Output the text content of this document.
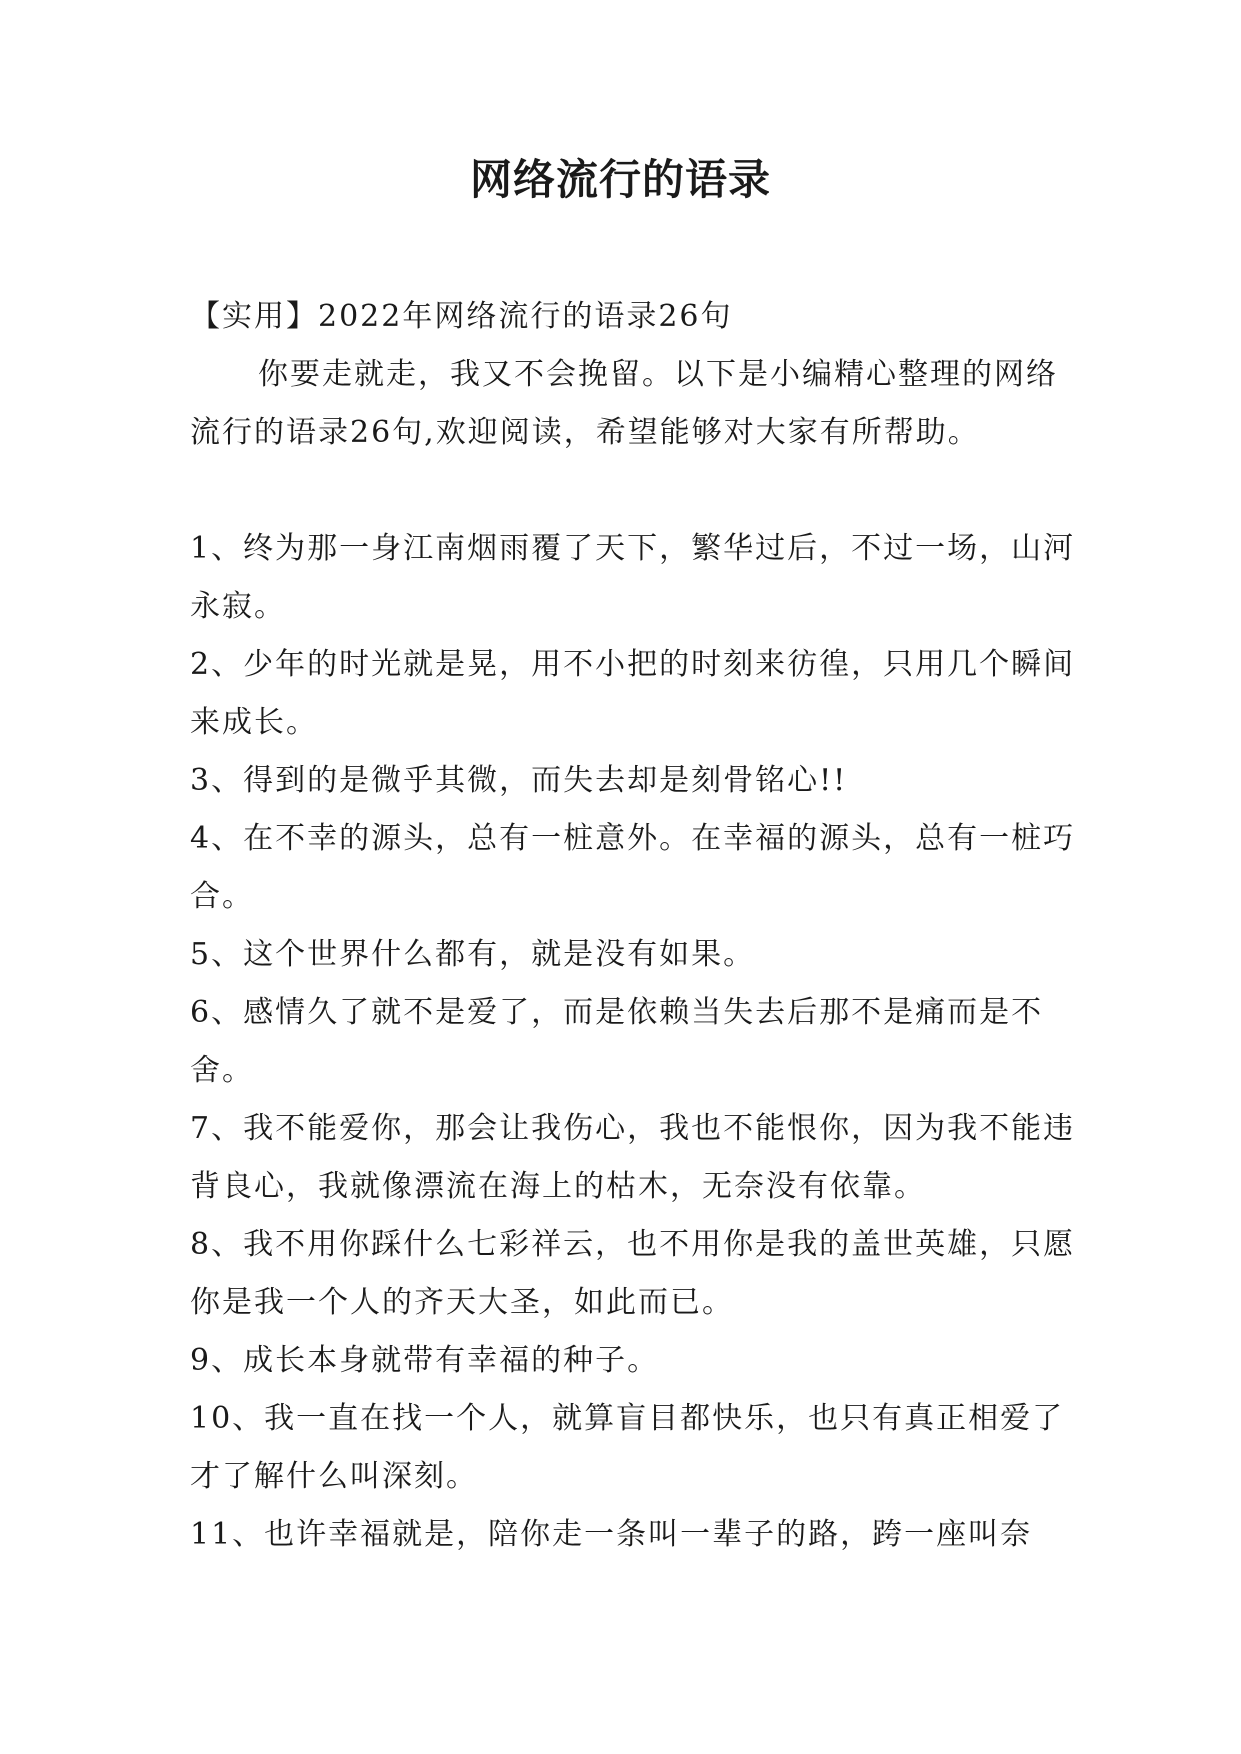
网络流行的语录
【实用】2022年网络流行的语录26句

你要走就走，我又不会挽留。以下是小编精心整理的网络流行的语录26句,欢迎阅读，希望能够对大家有所帮助。

1、终为那一身江南烟雨覆了天下，繁华过后，不过一场，山河永寂。

2、少年的时光就是晃，用不小把的时刻来彷徨，只用几个瞬间来成长。

3、得到的是微乎其微，而失去却是刻骨铭心!!

4、在不幸的源头，总有一桩意外。在幸福的源头，总有一桩巧合。

5、这个世界什么都有，就是没有如果。

6、感情久了就不是爱了，而是依赖当失去后那不是痛而是不舍。

7、我不能爱你，那会让我伤心，我也不能恨你，因为我不能违背良心，我就像漂流在海上的枯木，无奈没有依靠。

8、我不用你踩什么七彩祥云，也不用你是我的盖世英雄，只愿你是我一个人的齐天大圣，如此而已。

9、成长本身就带有幸福的种子。

10、我一直在找一个人，就算盲目都快乐，也只有真正相爱了才了解什么叫深刻。

11、也许幸福就是，陪你走一条叫一辈子的路，跨一座叫奈
